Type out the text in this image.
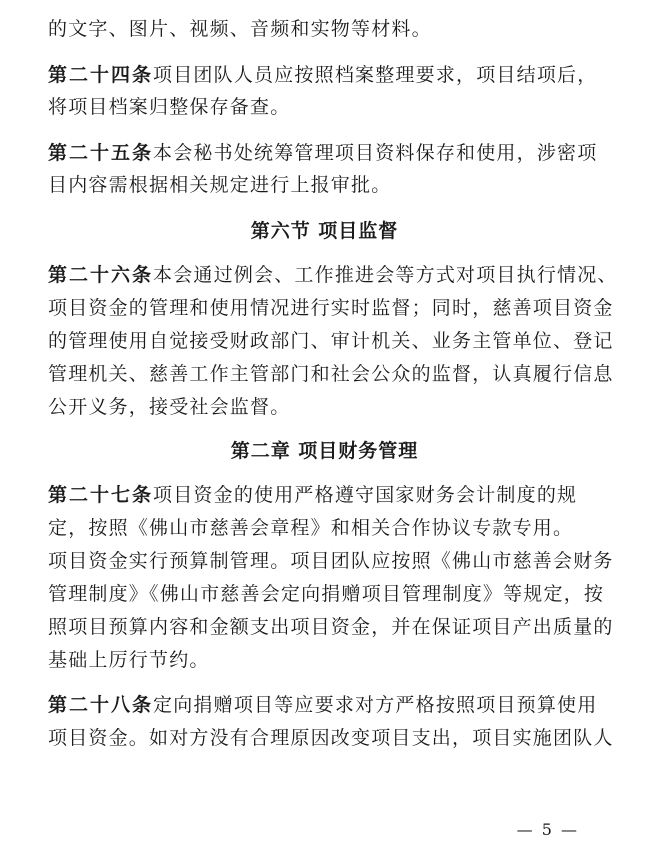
的文字、图片、视频、音频和实物等材料。
第二十四条项目团队人员应按照档案整理要求，项目结项后，
将项目档案归整保存备查。
第二十五条本会秘书处统筹管理项目资料保存和使用，涉密项
目内容需根据相关规定进行上报审批。
第六节 项目监督
第二十六条本会通过例会、工作推进会等方式对项目执行情况、
项目资金的管理和使用情况进行实时监督；同时，慈善项目资金
的管理使用自觉接受财政部门、审计机关、业务主管单位、登记
管理机关、慈善工作主管部门和社会公众的监督，认真履行信息
公开义务，接受社会监督。
第二章 项目财务管理
第二十七条项目资金的使用严格遵守国家财务会计制度的规
定，按照《佛山市慈善会章程》和相关合作协议专款专用。
项目资金实行预算制管理。项目团队应按照《佛山市慈善会财务
管理制度》《佛山市慈善会定向捐赠项目管理制度》等规定，按
照项目预算内容和金额支出项目资金，并在保证项目产出质量的
基础上厉行节约。
第二十八条定向捐赠项目等应要求对方严格按照项目预算使用
项目资金。如对方没有合理原因改变项目支出，项目实施团队人
— 5 —
